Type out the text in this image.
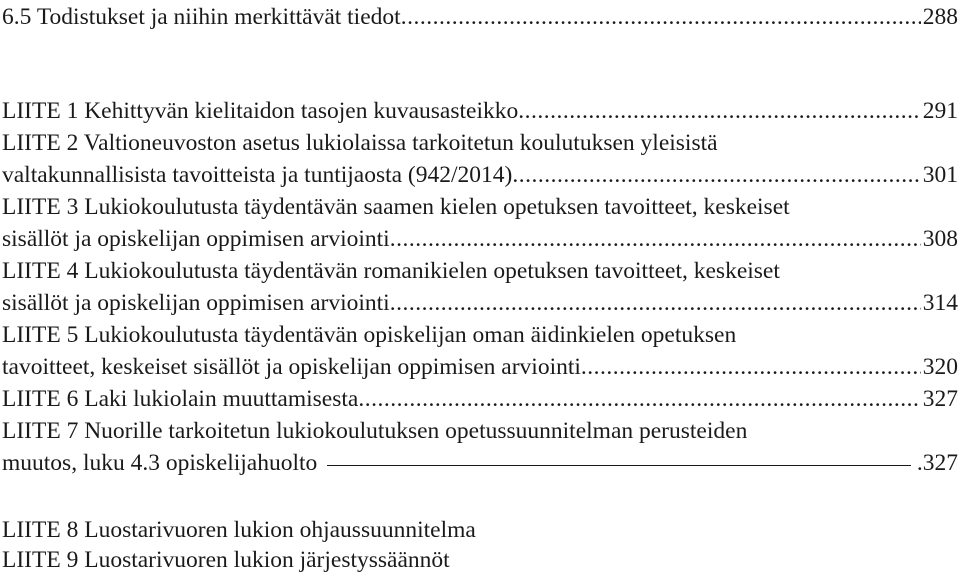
6.5 Todistukset ja niihin merkittävät tiedot .....	288
LIITE 1 Kehittyvän kielitaidon tasojen kuvausasteikko .....	291
LIITE 2 Valtioneuvoston asetus lukiolaissa tarkoitetun koulutuksen yleisistä
valtakunnallisista tavoitteista ja tuntijaosta (942/2014) .....	301
LIITE 3 Lukiokoulutusta täydentävän saamen kielen opetuksen tavoitteet, keskeiset
sisällöt ja opiskelijan oppimisen arviointi .....	308
LIITE 4 Lukiokoulutusta täydentävän romanikielen opetuksen tavoitteet, keskeiset
sisällöt ja opiskelijan oppimisen arviointi .....	314
LIITE 5 Lukiokoulutusta täydentävän opiskelijan oman äidinkielen opetuksen
tavoitteet, keskeiset sisällöt ja opiskelijan oppimisen arviointi .....	320
LIITE 6 Laki lukiolain muuttamisesta .....	327
LIITE 7 Nuorille tarkoitetun lukiokoulutuksen opetussuunnitelman perusteiden
muutos, luku 4.3 opiskelijahuolto	.327
LIITE 8 Luostarivuoren lukion ohjaussuunnitelma
LIITE 9 Luostarivuoren lukion järjestyssäännöt
